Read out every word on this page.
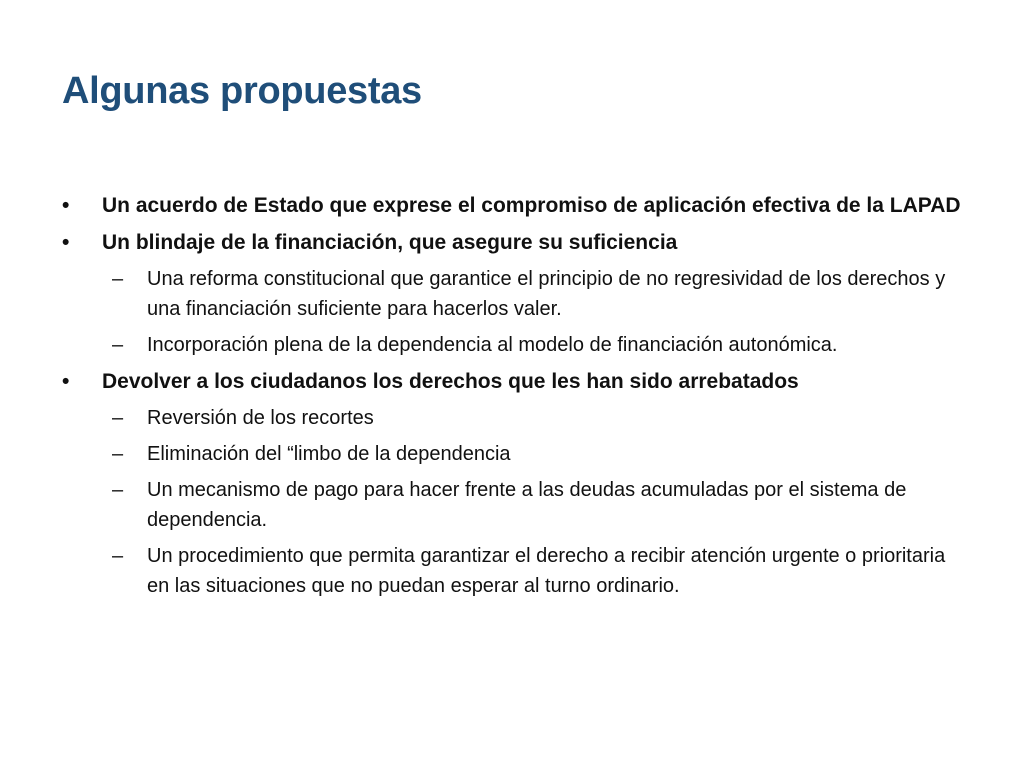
Algunas propuestas
•	Un acuerdo de Estado que exprese el compromiso de aplicación efectiva de la LAPAD
•	Un blindaje de la financiación, que asegure su suficiencia
– Una reforma constitucional que garantice el principio de no regresividad de los derechos y una financiación suficiente para hacerlos valer.
– Incorporación plena de la dependencia al modelo de financiación autonómica.
•	Devolver a los ciudadanos los derechos que les han sido arrebatados
– Reversión de los recortes
– Eliminación del “limbo de la dependencia
– Un mecanismo de pago para hacer frente a las deudas acumuladas por el sistema de dependencia.
– Un procedimiento que permita garantizar el derecho a recibir atención urgente o prioritaria en las situaciones que no puedan esperar al turno ordinario.
